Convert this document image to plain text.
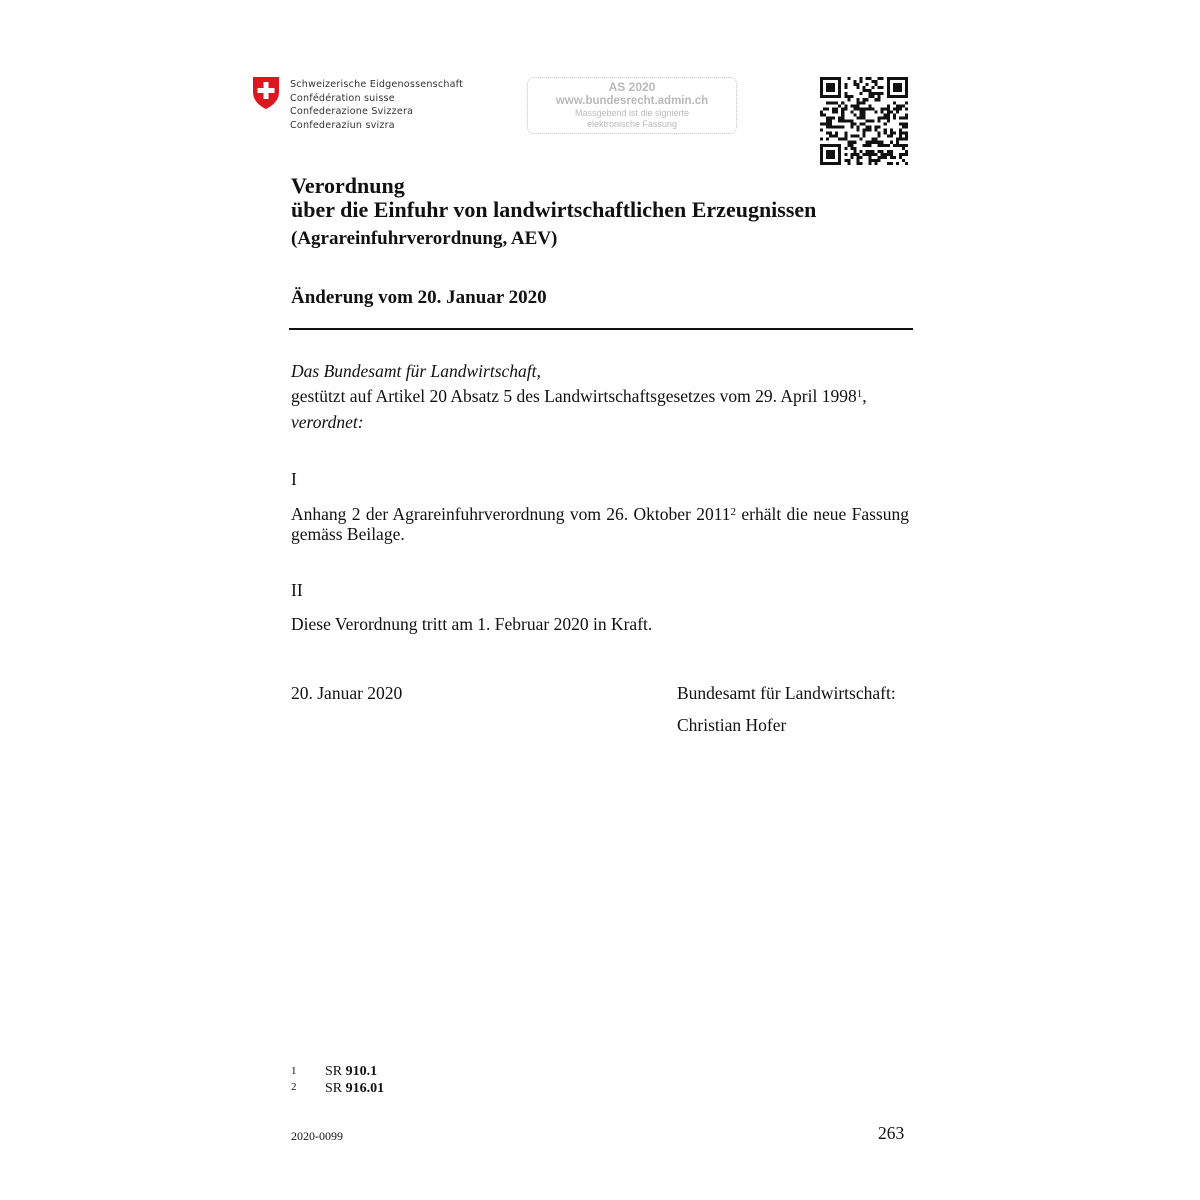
Schweizerische Eidgenossenschaft
Confédération suisse
Confederazione Svizzera
Confederaziun svizra
AS 2020
www.bundesrecht.admin.ch
Massgebend ist die signierte
elektronische Fassung
Verordnung
über die Einfuhr von landwirtschaftlichen Erzeugnissen
(Agrareinfuhrverordnung, AEV)
Änderung vom 20. Januar 2020
Das Bundesamt für Landwirtschaft,
gestützt auf Artikel 20 Absatz 5 des Landwirtschaftsgesetzes vom 29. April 1998$^1$,
verordnet:
I
Anhang 2 der Agrareinfuhrverordnung vom 26. Oktober 2011$^2$ erhält die neue Fassung gemäss Beilage.
II
Diese Verordnung tritt am 1. Februar 2020 in Kraft.
20. Januar 2020	Bundesamt für Landwirtschaft:
Christian Hofer
1 SR 910.1
2 SR 916.01
2020-0099	263
